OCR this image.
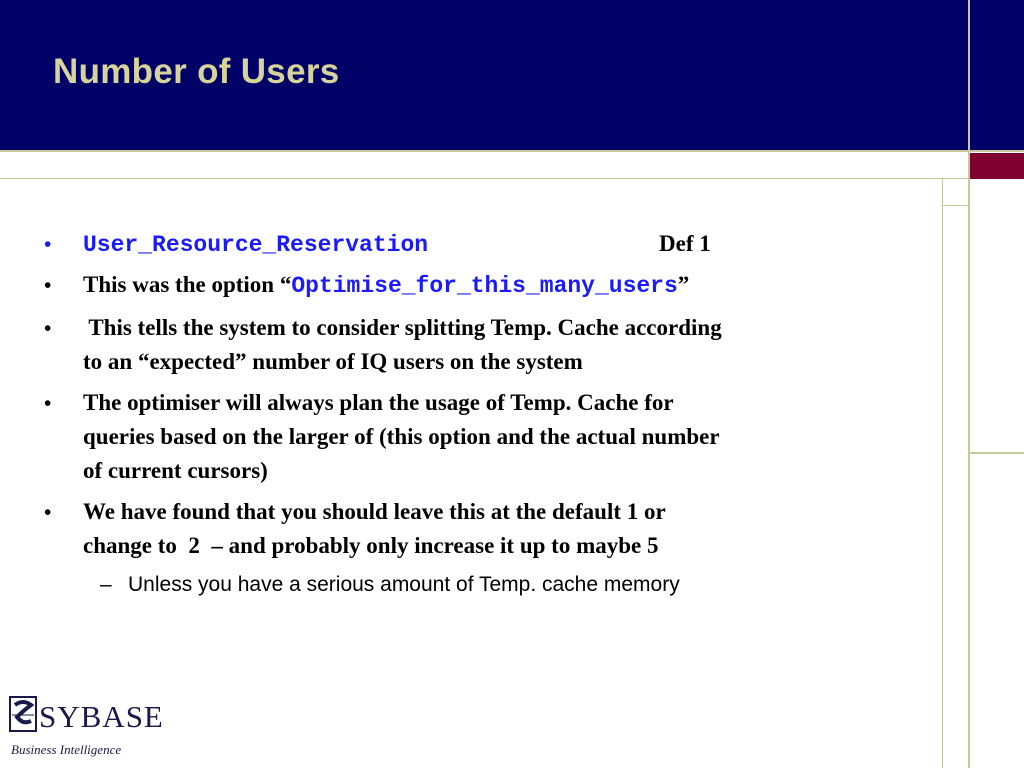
Number of Users
• User_Resource_Reservation	Def 1
• This was the option “Optimise_for_this_many_users”
• This tells the system to consider splitting Temp. Cache according
to an “expected” number of IQ users on the system
• The optimiser will always plan the usage of Temp. Cache for
queries based on the larger of (this option and the actual number
of current cursors)
• We have found that you should leave this at the default 1 or
change to  2  – and probably only increase it up to maybe 5
– Unless you have a serious amount of Temp. cache memory
SYBASE
Business Intelligence
